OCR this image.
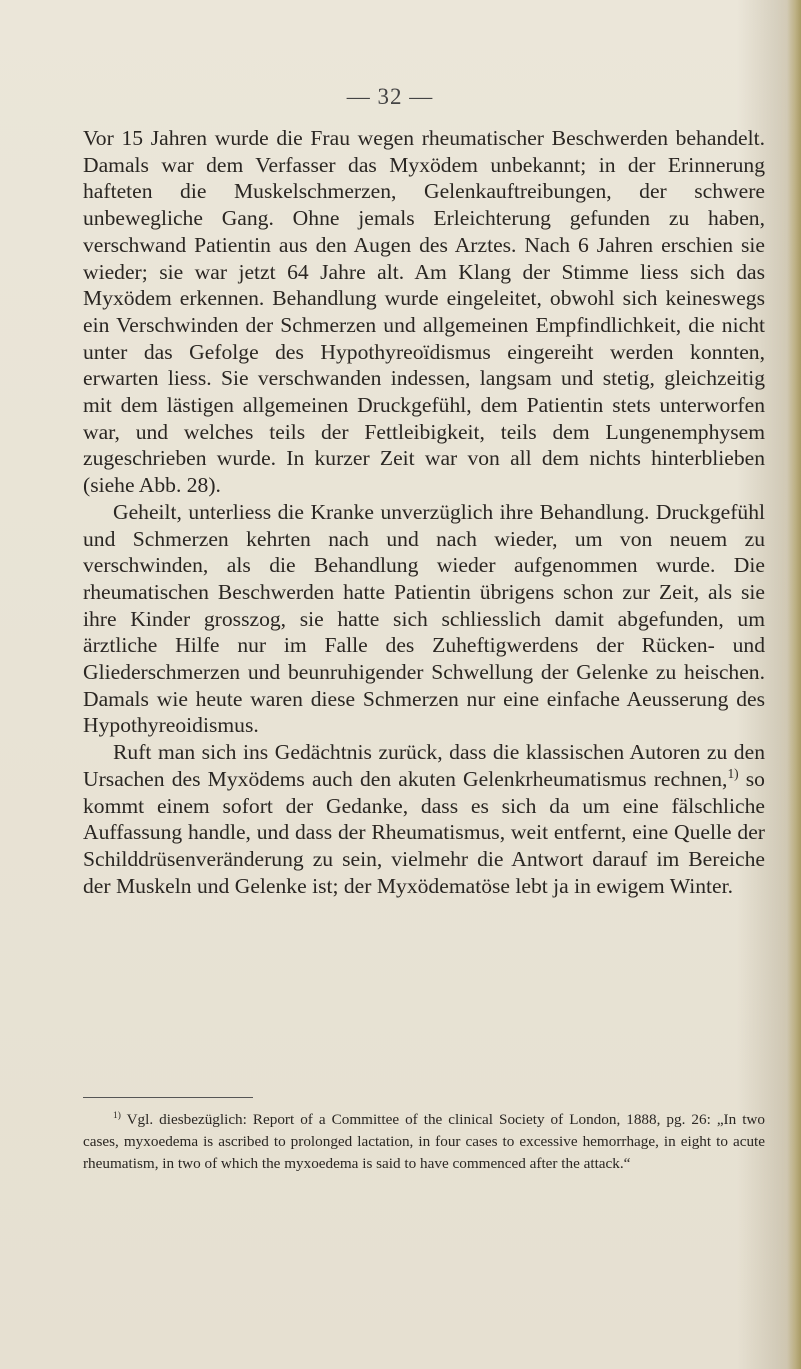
— 32 —

Vor 15 Jahren wurde die Frau wegen rheumatischer Beschwerden behandelt. Damals war dem Verfasser das Myxödem unbekannt; in der Erinnerung hafteten die Muskelschmerzen, Gelenkauftreibungen, der schwere unbewegliche Gang. Ohne jemals Erleichterung gefunden zu haben, verschwand Patientin aus den Augen des Arztes. Nach 6 Jahren erschien sie wieder; sie war jetzt 64 Jahre alt. Am Klang der Stimme liess sich das Myxödem erkennen. Behandlung wurde eingeleitet, obwohl sich keineswegs ein Verschwinden der Schmerzen und allgemeinen Empfindlichkeit, die nicht unter das Gefolge des Hypothyreoïdismus eingereiht werden konnten, erwarten liess. Sie verschwanden indessen, langsam und stetig, gleichzeitig mit dem lästigen allgemeinen Druckgefühl, dem Patientin stets unterworfen war, und welches teils der Fettleibigkeit, teils dem Lungenemphysem zugeschrieben wurde. In kurzer Zeit war von all dem nichts hinterblieben (siehe Abb. 28).

Geheilt, unterliess die Kranke unverzüglich ihre Behandlung. Druckgefühl und Schmerzen kehrten nach und nach wieder, um von neuem zu verschwinden, als die Behandlung wieder aufgenommen wurde. Die rheumatischen Beschwerden hatte Patientin übrigens schon zur Zeit, als sie ihre Kinder grosszog, sie hatte sich schliesslich damit abgefunden, um ärztliche Hilfe nur im Falle des Zuheftigwerdens der Rücken- und Gliederschmerzen und beunruhigender Schwellung der Gelenke zu heischen. Damals wie heute waren diese Schmerzen nur eine einfache Aeusserung des Hypothyreoidismus.

Ruft man sich ins Gedächtnis zurück, dass die klassischen Autoren zu den Ursachen des Myxödems auch den akuten Gelenkrheumatismus rechnen,$^{1)}$ so kommt einem sofort der Gedanke, dass es sich da um eine fälschliche Auffassung handle, und dass der Rheumatismus, weit entfernt, eine Quelle der Schilddrüsenveränderung zu sein, vielmehr die Antwort darauf im Bereiche der Muskeln und Gelenke ist; der Myxödematöse lebt ja in ewigem Winter.

$^{1)}$ Vgl. diesbezüglich: Report of a Committee of the clinical Society of London, 1888, pg. 26: „In two cases, myxoedema is ascribed to prolonged lactation, in four cases to excessive hemorrhage, in eight to acute rheumatism, in two of which the myxoedema is said to have commenced after the attack.“
